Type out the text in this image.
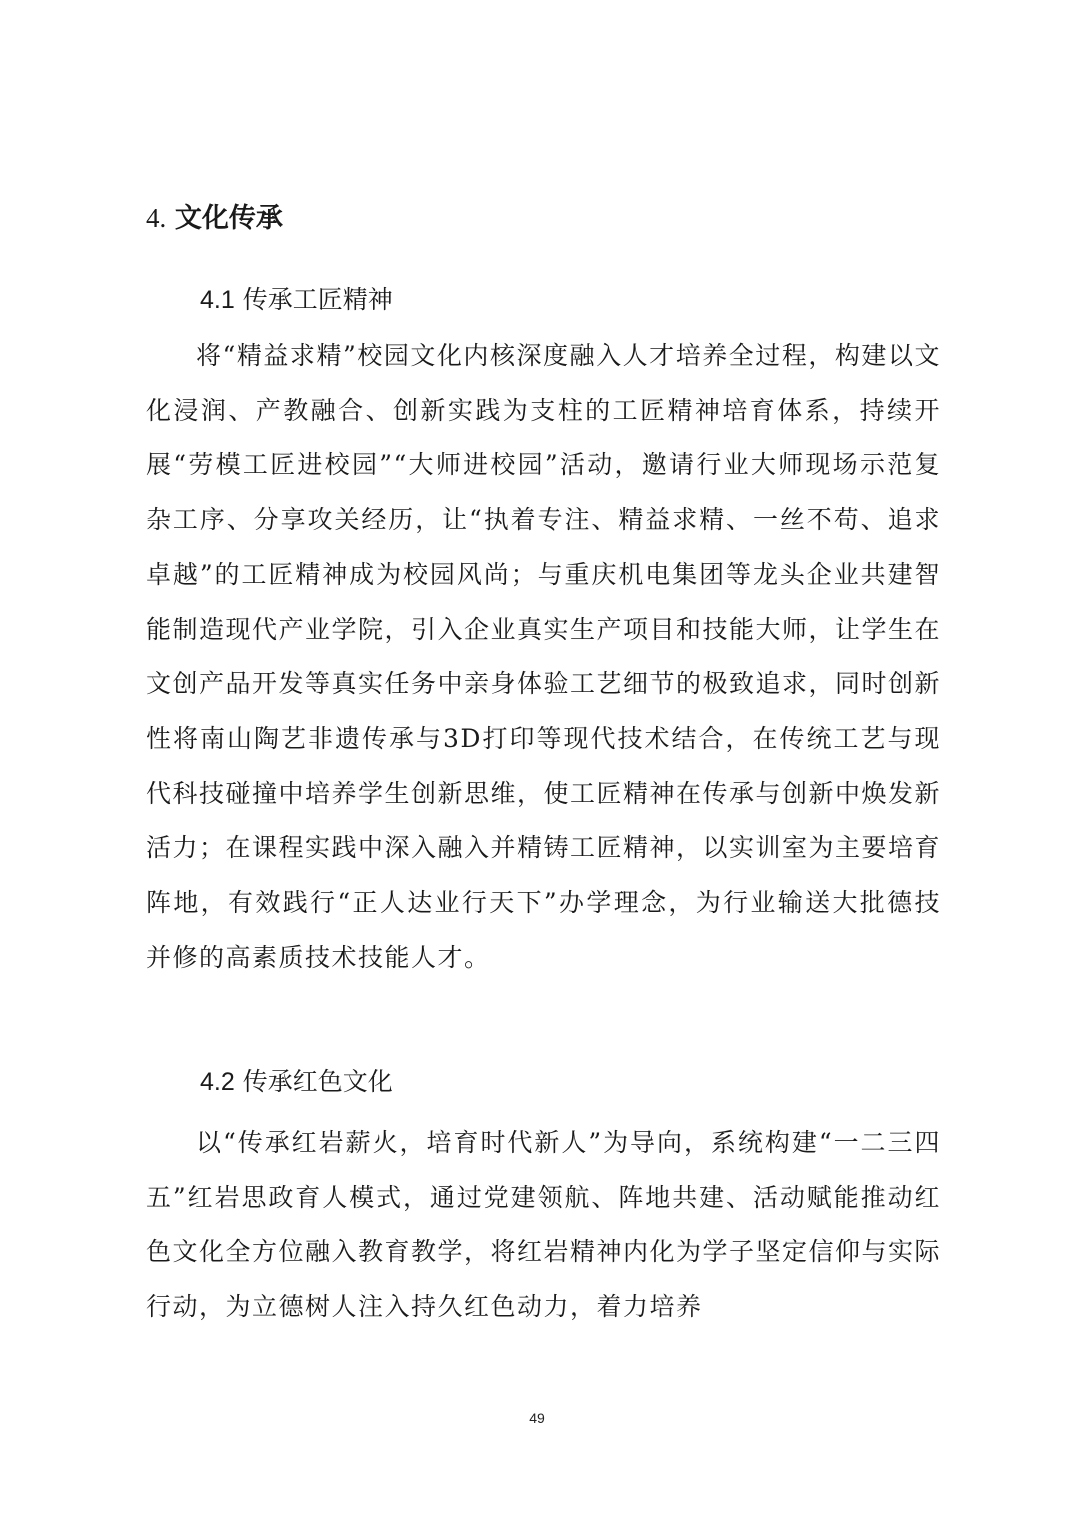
4. 文化传承
4.1 传承工匠精神

将“精益求精”校园文化内核深度融入人才培养全过程，构建以文化浸润、产教融合、创新实践为支柱的工匠精神培育体系，持续开展“劳模工匠进校园”“大师进校园”活动，邀请行业大师现场示范复杂工序、分享攻关经历，让“执着专注、精益求精、一丝不苟、追求卓越”的工匠精神成为校园风尚；与重庆机电集团等龙头企业共建智能制造现代产业学院，引入企业真实生产项目和技能大师，让学生在文创产品开发等真实任务中亲身体验工艺细节的极致追求，同时创新性将南山陶艺非遗传承与3D打印等现代技术结合，在传统工艺与现代科技碰撞中培养学生创新思维，使工匠精神在传承与创新中焕发新活力；在课程实践中深入融入并精铸工匠精神，以实训室为主要培育阵地，有效践行“正人达业行天下”办学理念，为行业输送大批德技并修的高素质技术技能人才。

4.2 传承红色文化

以“传承红岩薪火，培育时代新人”为导向，系统构建“一二三四五”红岩思政育人模式，通过党建领航、阵地共建、活动赋能推动红色文化全方位融入教育教学，将红岩精神内化为学子坚定信仰与实际行动，为立德树人注入持久红色动力，着力培养

49
